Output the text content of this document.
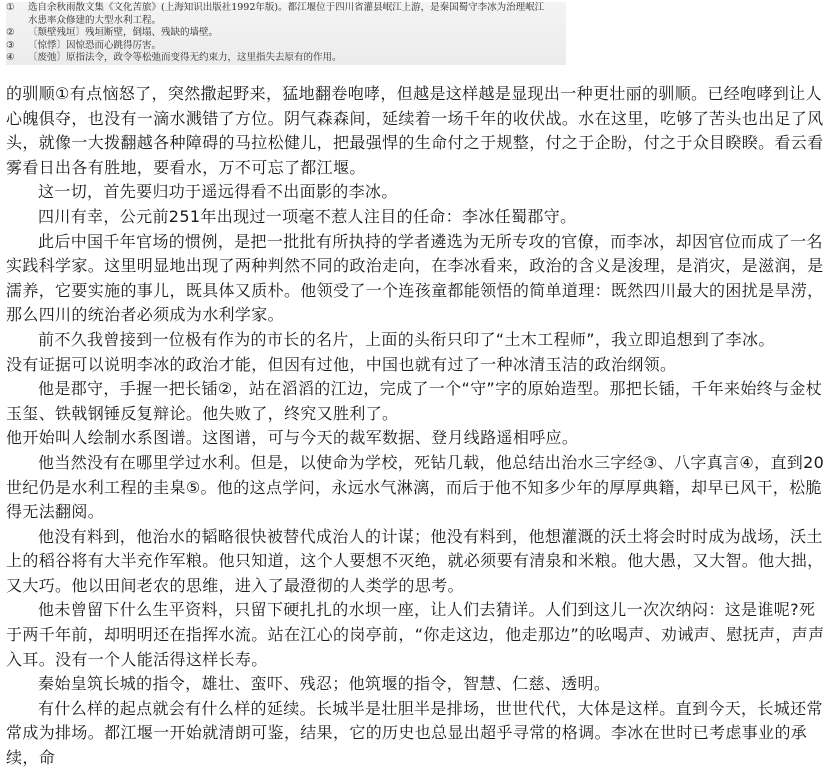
①	选自余秋雨散文集《文化苦旅》(上海知识出版社1992年版)。都江堰位于四川省灌县岷江上游，是秦国蜀守李冰为治理岷江
水患率众修建的大型水利工程。
②	〔颓壁残垣〕残垣断壁，倒塌、残缺的墙壁。
③	〔惊悸〕因惊恐而心跳得厉害。
④	〔废弛〕原指法令，政令等松弛而变得无约束力，这里指失去原有的作用。

的驯顺①有点恼怒了，突然撒起野来，猛地翻卷咆哮，但越是这样越是显现出一种更壮丽的驯顺。已经咆哮到让人心魄俱夺，也没有一滴水溅错了方位。阴气森森间，延续着一场千年的收伏战。水在这里，吃够了苦头也出足了风头，就像一大拨翻越各种障碍的马拉松健儿，把最强悍的生命付之于规整，付之于企盼，付之于众目睽睽。看云看雾看日出各有胜地，要看水，万不可忘了都江堰。

这一切，首先要归功于遥远得看不出面影的李冰。

四川有幸，公元前251年出现过一项毫不惹人注目的任命：李冰任蜀郡守。

此后中国千年官场的惯例，是把一批批有所执持的学者遴选为无所专攻的官僚，而李冰，却因官位而成了一名实践科学家。这里明显地出现了两种判然不同的政治走向，在李冰看来，政治的含义是浚理，是消灾，是滋润，是濡养，它要实施的事儿，既具体又质朴。他领受了一个连孩童都能领悟的简单道理：既然四川最大的困扰是旱涝，那么四川的统治者必须成为水利学家。

前不久我曾接到一位极有作为的市长的名片，上面的头衔只印了“土木工程师”，我立即追想到了李冰。

没有证据可以说明李冰的政治才能，但因有过他，中国也就有过了一种冰清玉洁的政治纲领。

他是郡守，手握一把长锸②，站在滔滔的江边，完成了一个“守”字的原始造型。那把长锸，千年来始终与金杖玉玺、铁戟钢锤反复辩论。他失败了，终究又胜利了。

他开始叫人绘制水系图谱。这图谱，可与今天的裁军数据、登月线路遥相呼应。

他当然没有在哪里学过水利。但是，以使命为学校，死钻几载，他总结出治水三字经③、八字真言④，直到20世纪仍是水利工程的圭臬⑤。他的这点学问，永远水气淋漓，而后于他不知多少年的厚厚典籍，却早已风干，松脆得无法翻阅。

他没有料到，他治水的韬略很快被替代成治人的计谋；他没有料到，他想灌溉的沃土将会时时成为战场，沃土上的稻谷将有大半充作军粮。他只知道，这个人要想不灭绝，就必须要有清泉和米粮。他大愚，又大智。他大拙，又大巧。他以田间老农的思维，进入了最澄彻的人类学的思考。

他未曾留下什么生平资料，只留下硬扎扎的水坝一座，让人们去猜详。人们到这儿一次次纳闷：这是谁呢?死于两千年前，却明明还在指挥水流。站在江心的岗亭前，“你走这边，他走那边”的吆喝声、劝诫声、慰抚声，声声入耳。没有一个人能活得这样长寿。

秦始皇筑长城的指令，雄壮、蛮吓、残忍；他筑堰的指令，智慧、仁慈、透明。

有什么样的起点就会有什么样的延续。长城半是壮胆半是排场，世世代代，大体是这样。直到今天，长城还常常成为排场。都江堰一开始就清朗可鉴，结果，它的历史也总显出超乎寻常的格调。李冰在世时已考虑事业的承续，命
